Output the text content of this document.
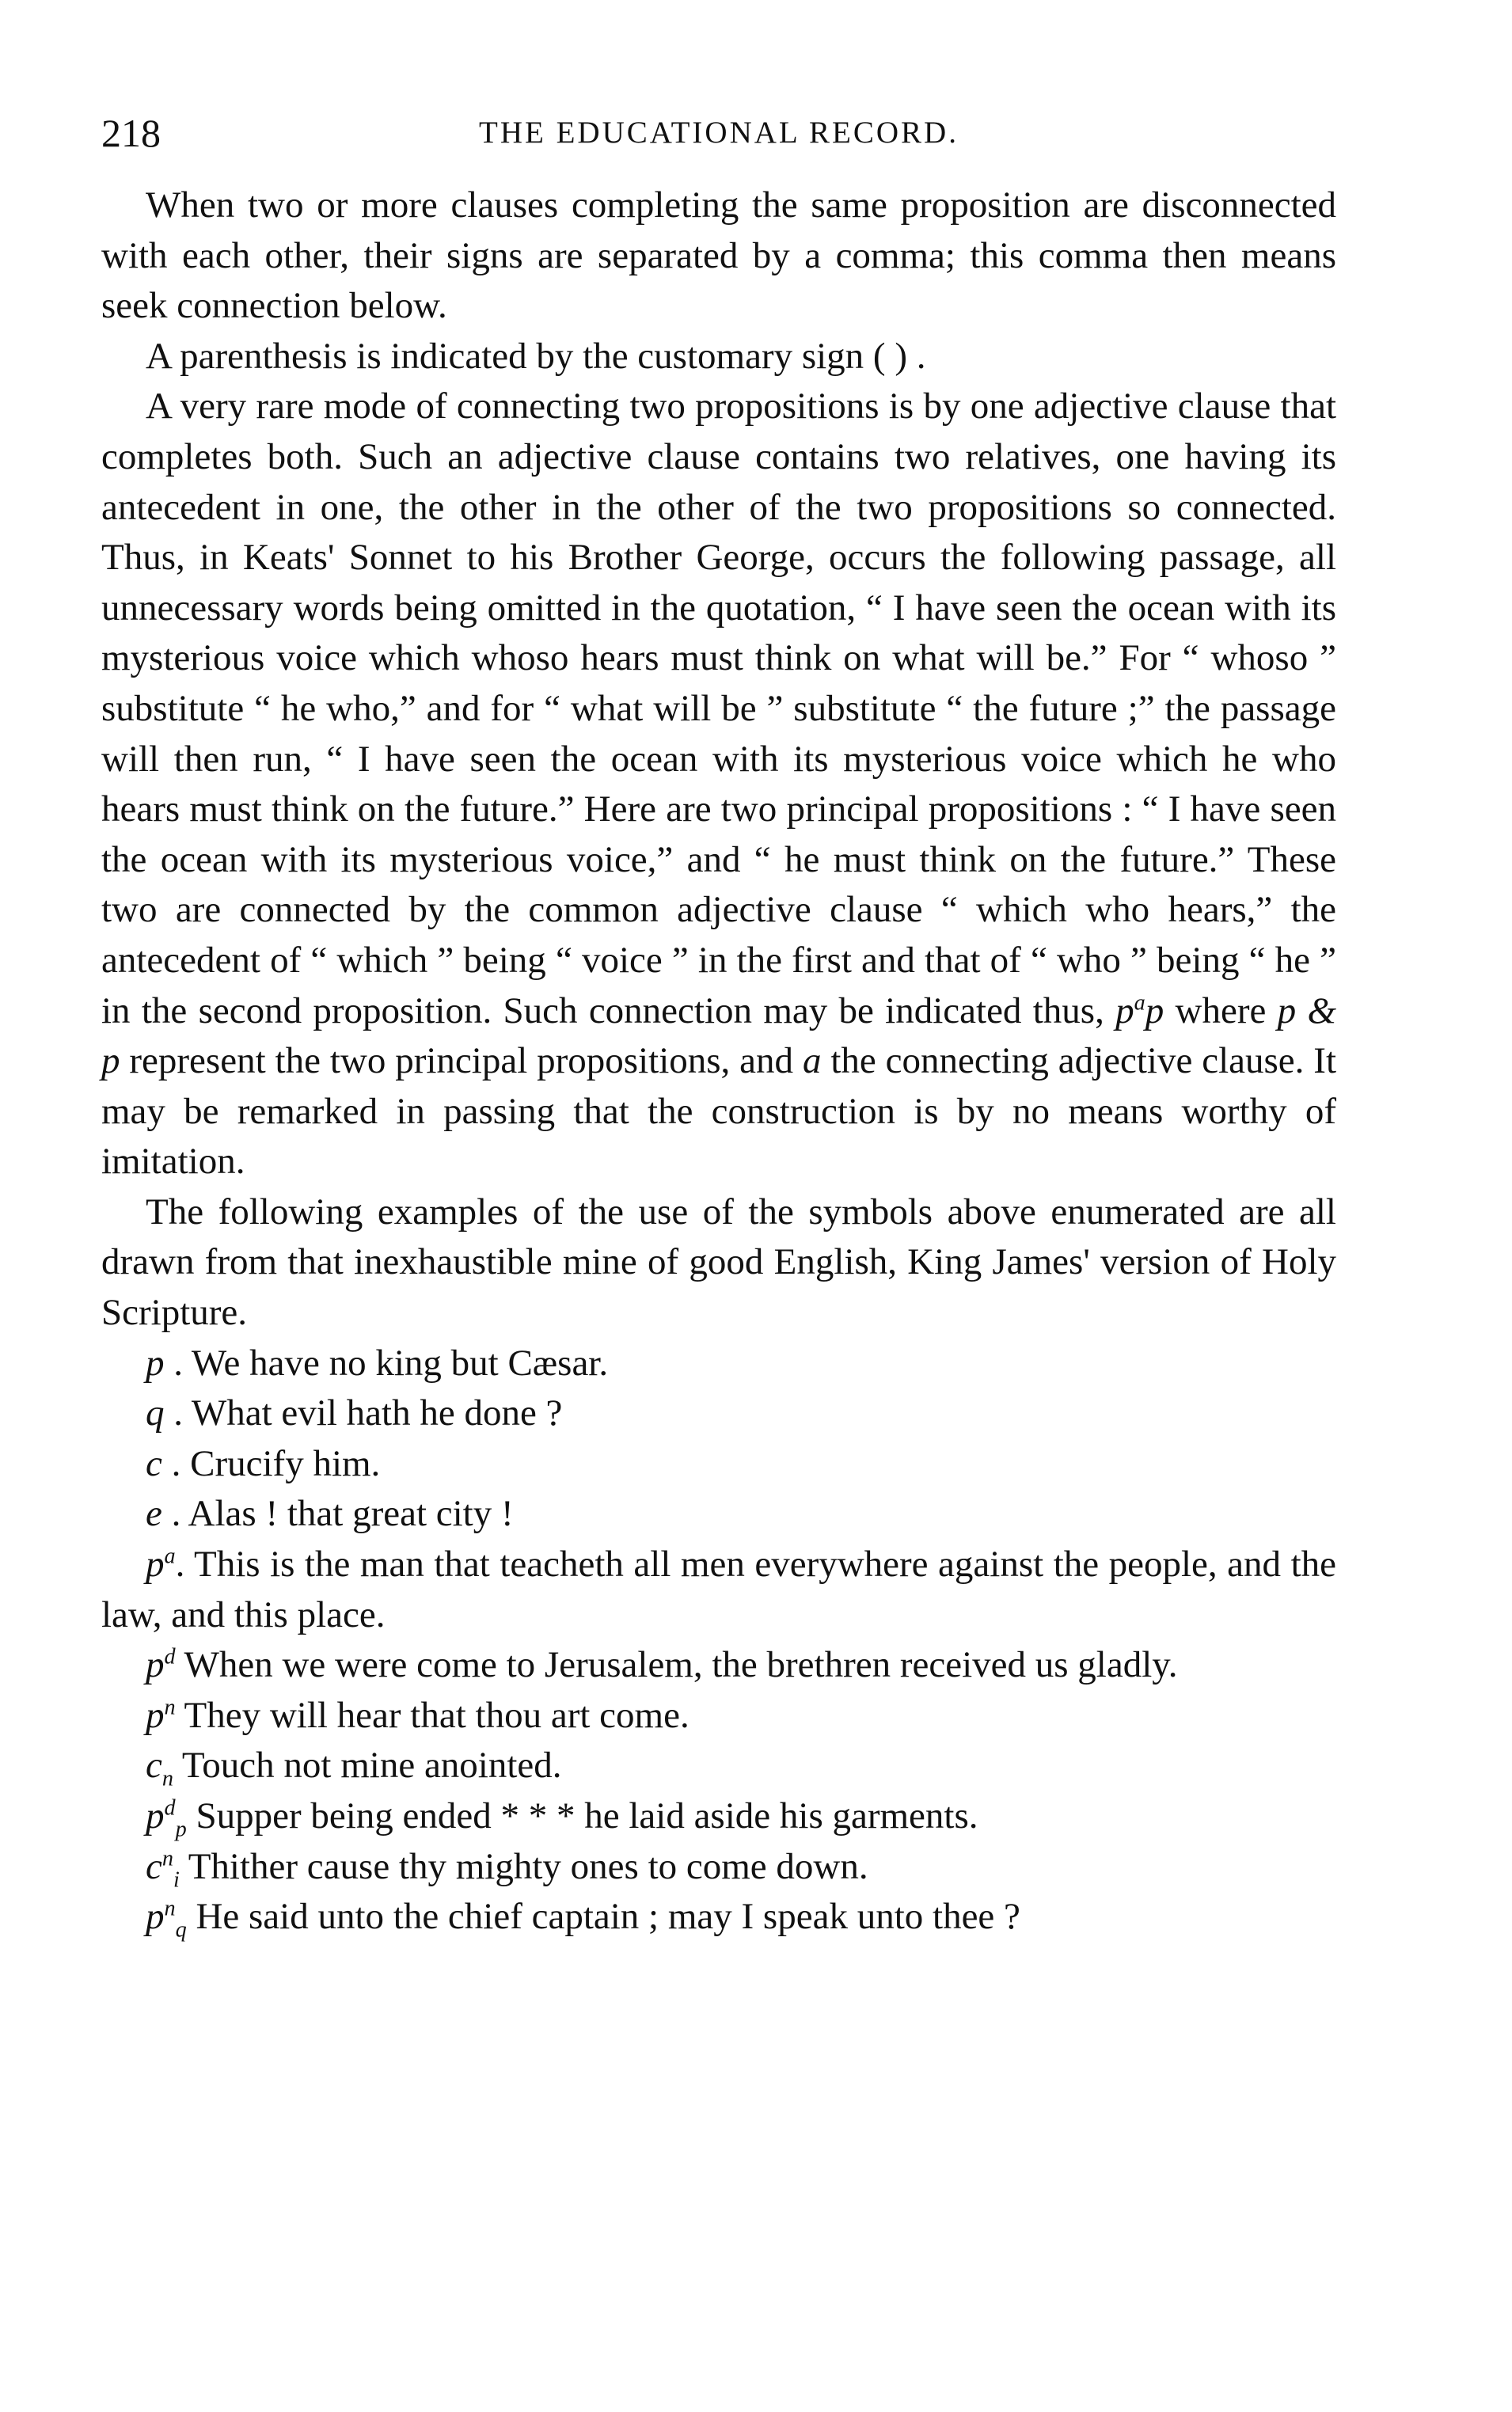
218	THE EDUCATIONAL RECORD.

When two or more clauses completing the same proposition are disconnected with each other, their signs are separated by a comma; this comma then means seek connection below.

A parenthesis is indicated by the customary sign ( ) .

A very rare mode of connecting two propositions is by one adjective clause that completes both. Such an adjective clause contains two relatives, one having its antecedent in one, the other in the other of the two propositions so connected. Thus, in Keats' Sonnet to his Brother George, occurs the following passage, all unnecessary words being omitted in the quotation, “ I have seen the ocean with its mysterious voice which whoso hears must think on what will be.” For “ whoso ” substitute “ he who,” and for “ what will be ” substitute “ the future ;” the passage will then run, “ I have seen the ocean with its mysterious voice which he who hears must think on the future.” Here are two principal propositions : “ I have seen the ocean with its mysterious voice,” and “ he must think on the future.” These two are connected by the common adjective clause “ which who hears,” the antecedent of “ which ” being “ voice ” in the first and that of “ who ” being “ he ” in the second proposition. Such connection may be indicated thus, $p^ap$ where p & p represent the two principal propositions, and a the connecting adjective clause. It may be remarked in passing that the construction is by no means worthy of imitation.

The following examples of the use of the symbols above enumerated are all drawn from that inexhaustible mine of good English, King James' version of Holy Scripture.

p . We have no king but Cæsar.

q . What evil hath he done ?

c . Crucify him.

e . Alas ! that great city !

$p^a$. This is the man that teacheth all men everywhere against the people, and the law, and this place.

$p^d$ When we were come to Jerusalem, the brethren received us gladly.

$p^n$ They will hear that thou art come.

$c_n$ Touch not mine anointed.

$p^d_p$ Supper being ended * * * he laid aside his garments.

$c^n_i$ Thither cause thy mighty ones to come down.

$p^n_q$ He said unto the chief captain ; may I speak unto thee ?
